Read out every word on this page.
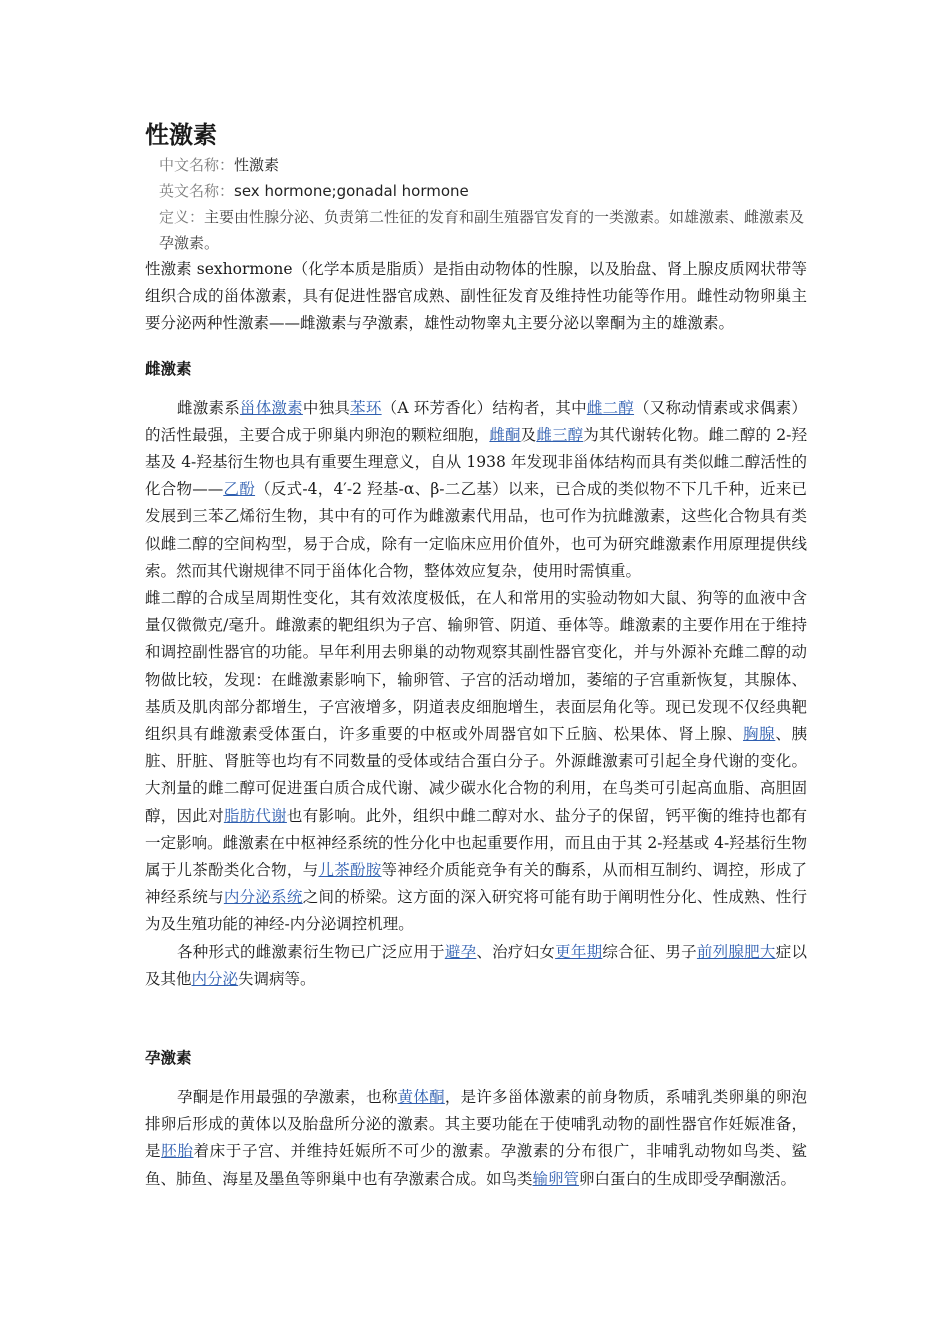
性激素
中文名称：性激素
英文名称：sex hormone;gonadal hormone
定义：主要由性腺分泌、负责第二性征的发育和副生殖器官发育的一类激素。如雄激素、雌激素及孕激素。

性激素 sexhormone（化学本质是脂质）是指由动物体的性腺，以及胎盘、肾上腺皮质网状带等组织合成的甾体激素，具有促进性器官成熟、副性征发育及维持性功能等作用。雌性动物卵巢主要分泌两种性激素——雌激素与孕激素，雄性动物睾丸主要分泌以睾酮为主的雄激素。

雌激素

雌激素系甾体激素中独具苯环（A 环芳香化）结构者，其中雌二醇（又称动情素或求偶素）的活性最强，主要合成于卵巢内卵泡的颗粒细胞，雌酮及雌三醇为其代谢转化物。雌二醇的 2-羟基及 4-羟基衍生物也具有重要生理意义，自从 1938 年发现非甾体结构而具有类似雌二醇活性的化合物——乙酚（反式-4，4′-2 羟基-α、β-二乙基）以来，已合成的类似物不下几千种，近来已发展到三苯乙烯衍生物，其中有的可作为雌激素代用品，也可作为抗雌激素，这些化合物具有类似雌二醇的空间构型，易于合成，除有一定临床应用价值外，也可为研究雌激素作用原理提供线索。然而其代谢规律不同于甾体化合物，整体效应复杂，使用时需慎重。

雌二醇的合成呈周期性变化，其有效浓度极低，在人和常用的实验动物如大鼠、狗等的血液中含量仅微微克/毫升。雌激素的靶组织为子宫、输卵管、阴道、垂体等。雌激素的主要作用在于维持和调控副性器官的功能。早年利用去卵巢的动物观察其副性器官变化，并与外源补充雌二醇的动物做比较，发现：在雌激素影响下，输卵管、子宫的活动增加，萎缩的子宫重新恢复，其腺体、基质及肌肉部分都增生，子宫液增多，阴道表皮细胞增生，表面层角化等。现已发现不仅经典靶组织具有雌激素受体蛋白，许多重要的中枢或外周器官如下丘脑、松果体、肾上腺、胸腺、胰脏、肝脏、肾脏等也均有不同数量的受体或结合蛋白分子。外源雌激素可引起全身代谢的变化。大剂量的雌二醇可促进蛋白质合成代谢、减少碳水化合物的利用，在鸟类可引起高血脂、高胆固醇，因此对脂肪代谢也有影响。此外，组织中雌二醇对水、盐分子的保留，钙平衡的维持也都有一定影响。雌激素在中枢神经系统的性分化中也起重要作用，而且由于其 2-羟基或 4-羟基衍生物属于儿茶酚类化合物，与儿茶酚胺等神经介质能竞争有关的酶系，从而相互制约、调控，形成了神经系统与内分泌系统之间的桥梁。这方面的深入研究将可能有助于阐明性分化、性成熟、性行为及生殖功能的神经-内分泌调控机理。

各种形式的雌激素衍生物已广泛应用于避孕、治疗妇女更年期综合征、男子前列腺肥大症以及其他内分泌失调病等。

孕激素

孕酮是作用最强的孕激素，也称黄体酮，是许多甾体激素的前身物质，系哺乳类卵巢的卵泡排卵后形成的黄体以及胎盘所分泌的激素。其主要功能在于使哺乳动物的副性器官作妊娠准备，是胚胎着床于子宫、并维持妊娠所不可少的激素。孕激素的分布很广，非哺乳动物如鸟类、鲨鱼、肺鱼、海星及墨鱼等卵巢中也有孕激素合成。如鸟类输卵管卵白蛋白的生成即受孕酮激活。
